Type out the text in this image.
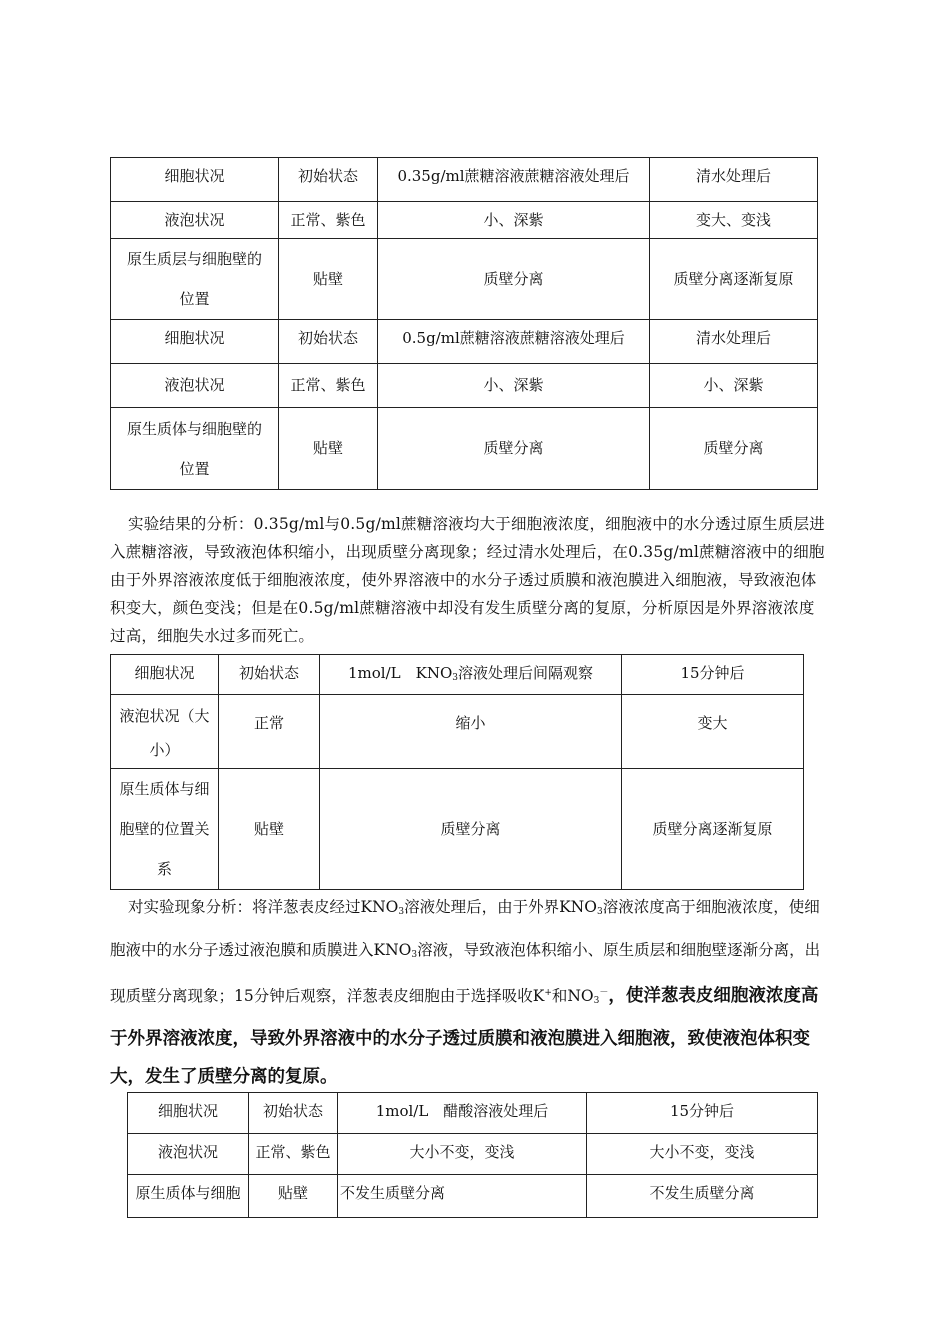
细胞状况	初始状态	0.35g/ml蔗糖溶液蔗糖溶液处理后	清水处理后
液泡状况	正常、紫色	小、深紫	变大、变浅
原生质层与细胞壁的位置	贴壁	质壁分离	质壁分离逐渐复原
细胞状况	初始状态	0.5g/ml蔗糖溶液蔗糖溶液处理后	清水处理后
液泡状况	正常、紫色	小、深紫	小、深紫
原生质体与细胞壁的位置	贴壁	质壁分离	质壁分离

实验结果的分析：0.35g/ml与0.5g/ml蔗糖溶液均大于细胞液浓度，细胞液中的水分透过原生质层进入蔗糖溶液，导致液泡体积缩小，出现质壁分离现象；经过清水处理后，在0.35g/ml蔗糖溶液中的细胞由于外界溶液浓度低于细胞液浓度，使外界溶液中的水分子透过质膜和液泡膜进入细胞液，导致液泡体积变大，颜色变浅；但是在0.5g/ml蔗糖溶液中却没有发生质壁分离的复原，分析原因是外界溶液浓度过高，细胞失水过多而死亡。

细胞状况	初始状态	1mol/L　$KNO_3$溶液处理后间隔观察	15分钟后
液泡状况（大小）	正常	缩小	变大
原生质体与细胞壁的位置关系	贴壁	质壁分离	质壁分离逐渐复原

对实验现象分析：将洋葱表皮经过$KNO_3$溶液处理后，由于外界$KNO_3$溶液浓度高于细胞液浓度，使细胞液中的水分子透过液泡膜和质膜进入$KNO_3$溶液，导致液泡体积缩小、原生质层和细胞壁逐渐分离，出现质壁分离现象；15分钟后观察，洋葱表皮细胞由于选择吸收K+和$NO_3^-$，使洋葱表皮细胞液浓度高于外界溶液浓度，导致外界溶液中的水分子透过质膜和液泡膜进入细胞液，致使液泡体积变大，发生了质壁分离的复原。

细胞状况	初始状态	1mol/L　醋酸溶液处理后	15分钟后
液泡状况	正常、紫色	大小不变，变浅	大小不变，变浅
原生质体与细胞	贴壁	不发生质壁分离	不发生质壁分离
